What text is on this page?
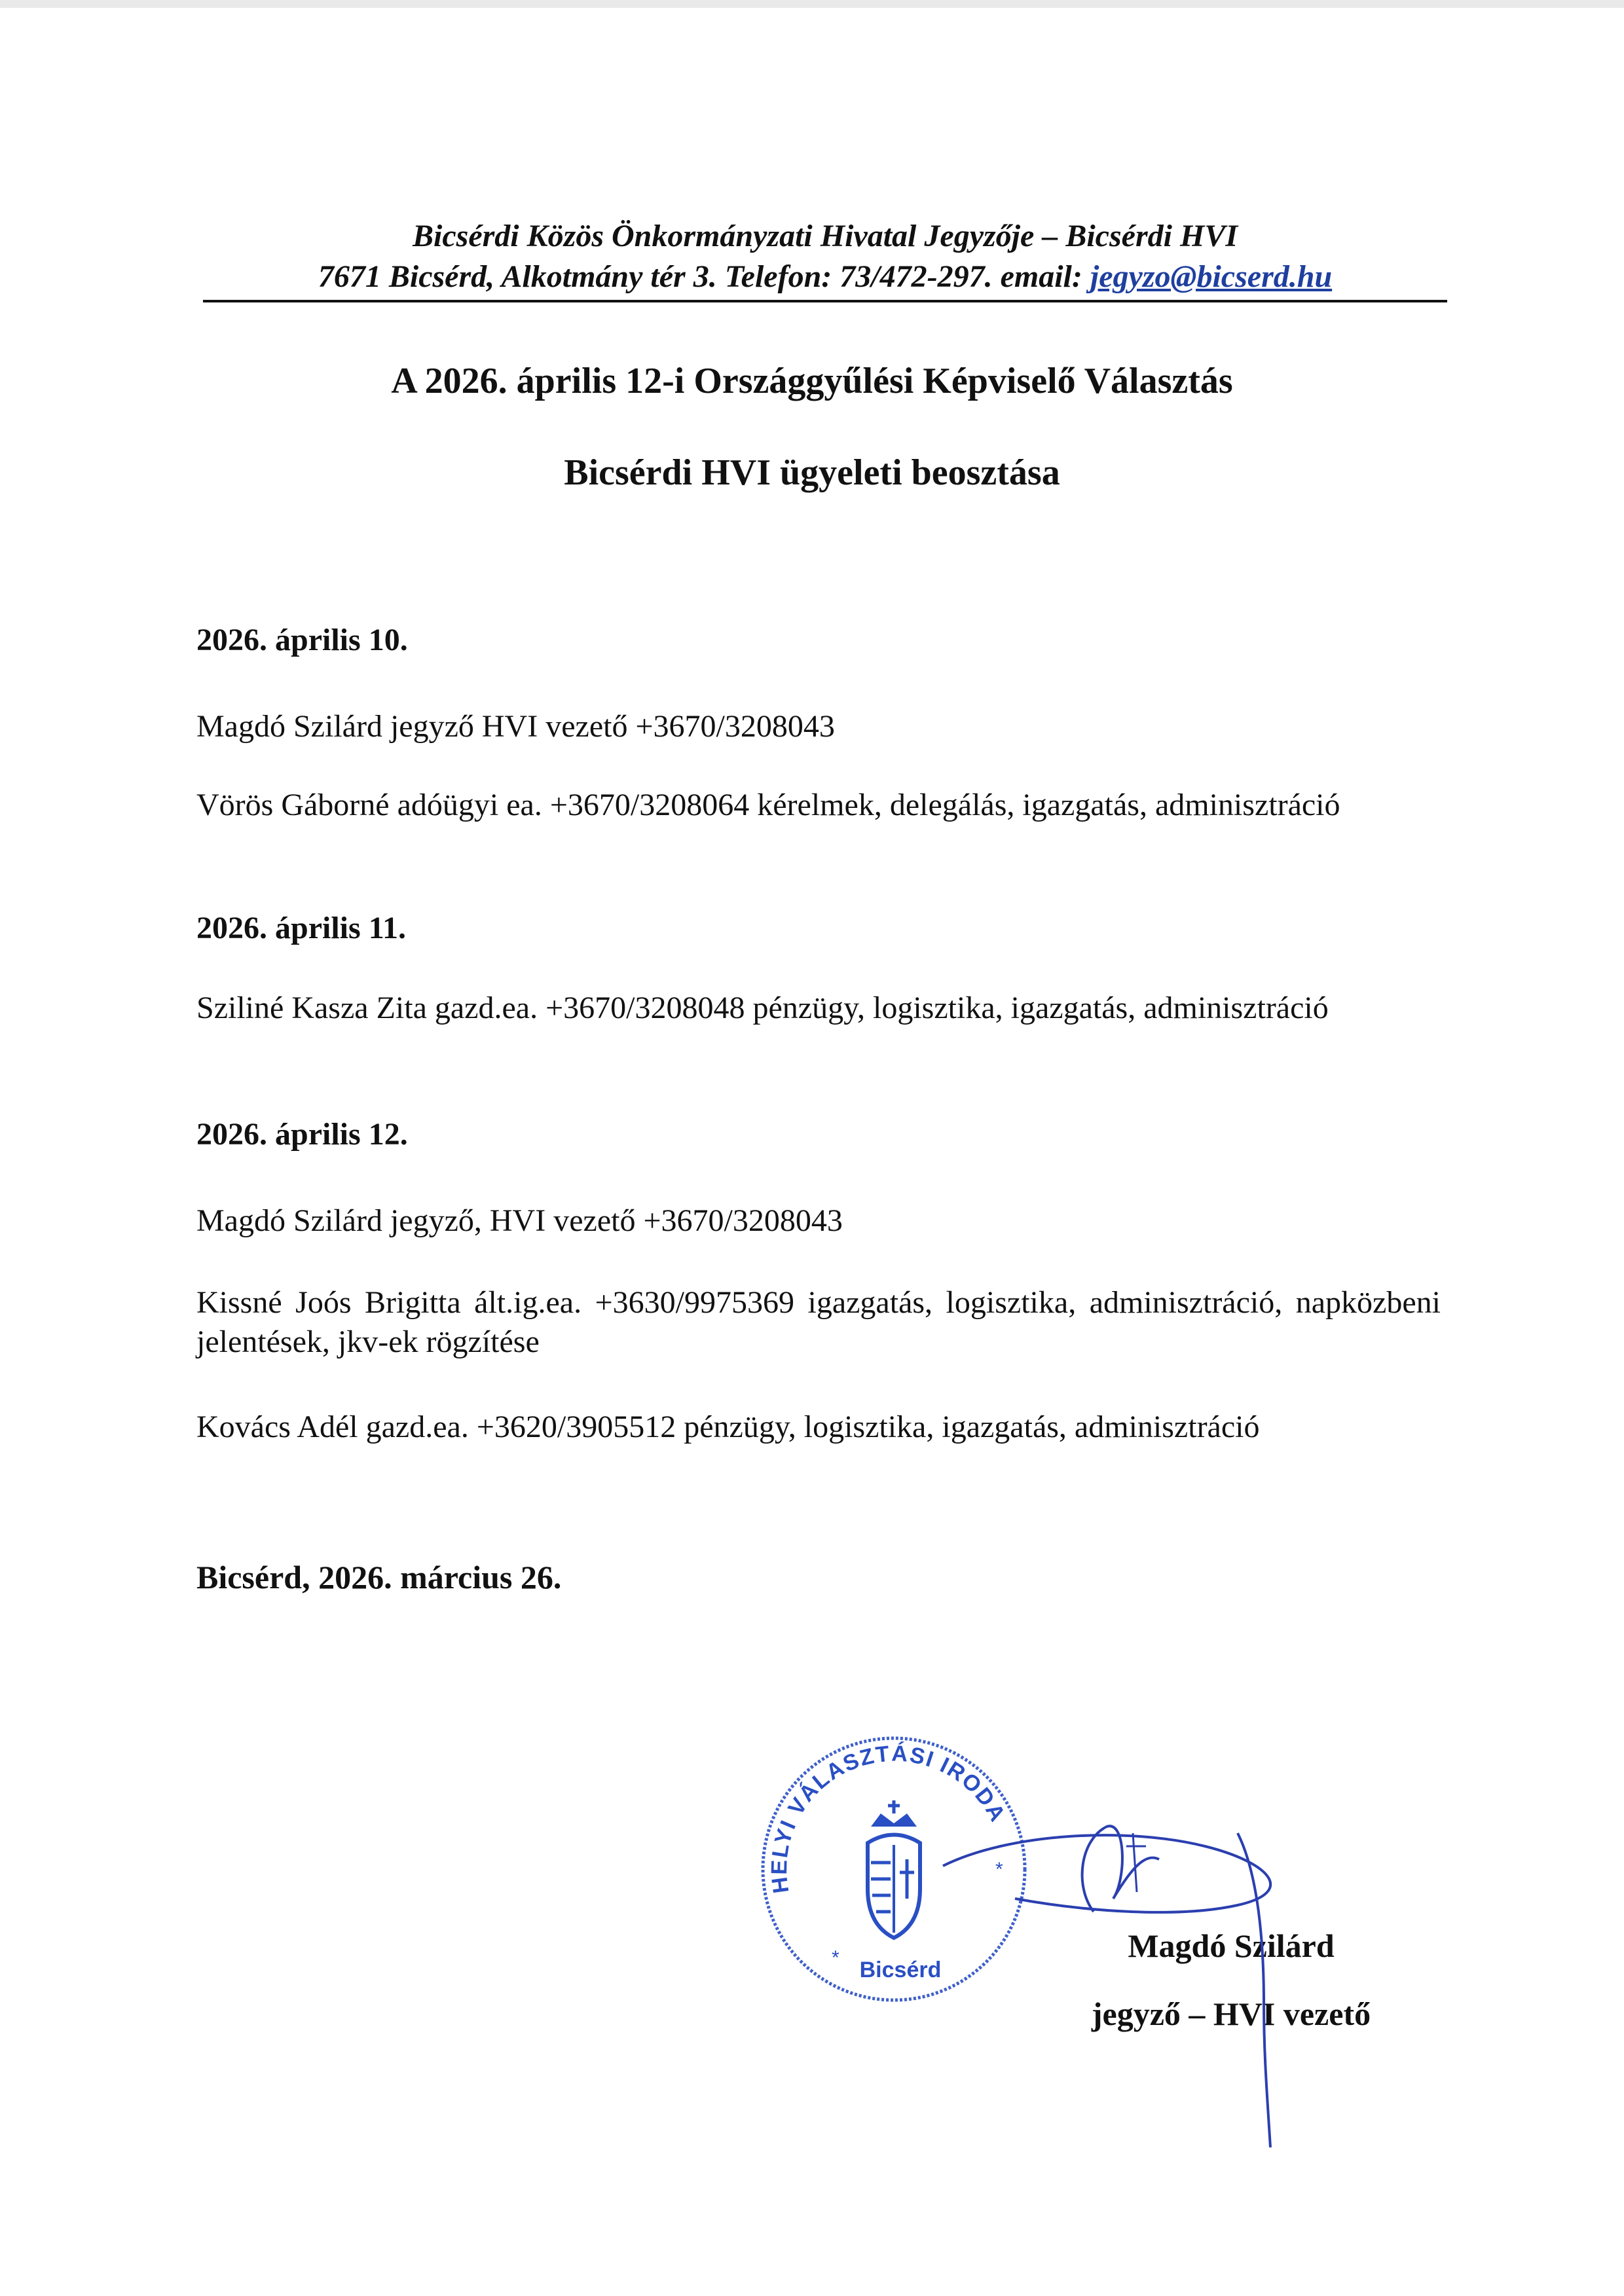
Bicsérdi Közös Önkormányzati Hivatal Jegyzője – Bicsérdi HVI
7671 Bicsérd, Alkotmány tér 3. Telefon: 73/472-297. email: jegyzo@bicserd.hu
A 2026. április 12-i Országgyűlési Képviselő Választás
Bicsérdi HVI ügyeleti beosztása
2026. április 10.
Magdó Szilárd jegyző HVI vezető +3670/3208043
Vörös Gáborné adóügyi ea. +3670/3208064 kérelmek, delegálás, igazgatás, adminisztráció
2026. április 11.
Sziliné Kasza Zita gazd.ea. +3670/3208048 pénzügy, logisztika, igazgatás, adminisztráció
2026. április 12.
Magdó Szilárd jegyző, HVI vezető +3670/3208043
Kissné Joós Brigitta ált.ig.ea. +3630/9975369 igazgatás, logisztika, adminisztráció, napközbeni jelentések, jkv-ek rögzítése
Kovács Adél gazd.ea. +3620/3905512 pénzügy, logisztika, igazgatás, adminisztráció
Bicsérd, 2026. március 26.
HELYI VÁLASZTÁSI IRODA
*
*
Bicsérd
Magdó Szilárd
jegyző – HVI vezető
